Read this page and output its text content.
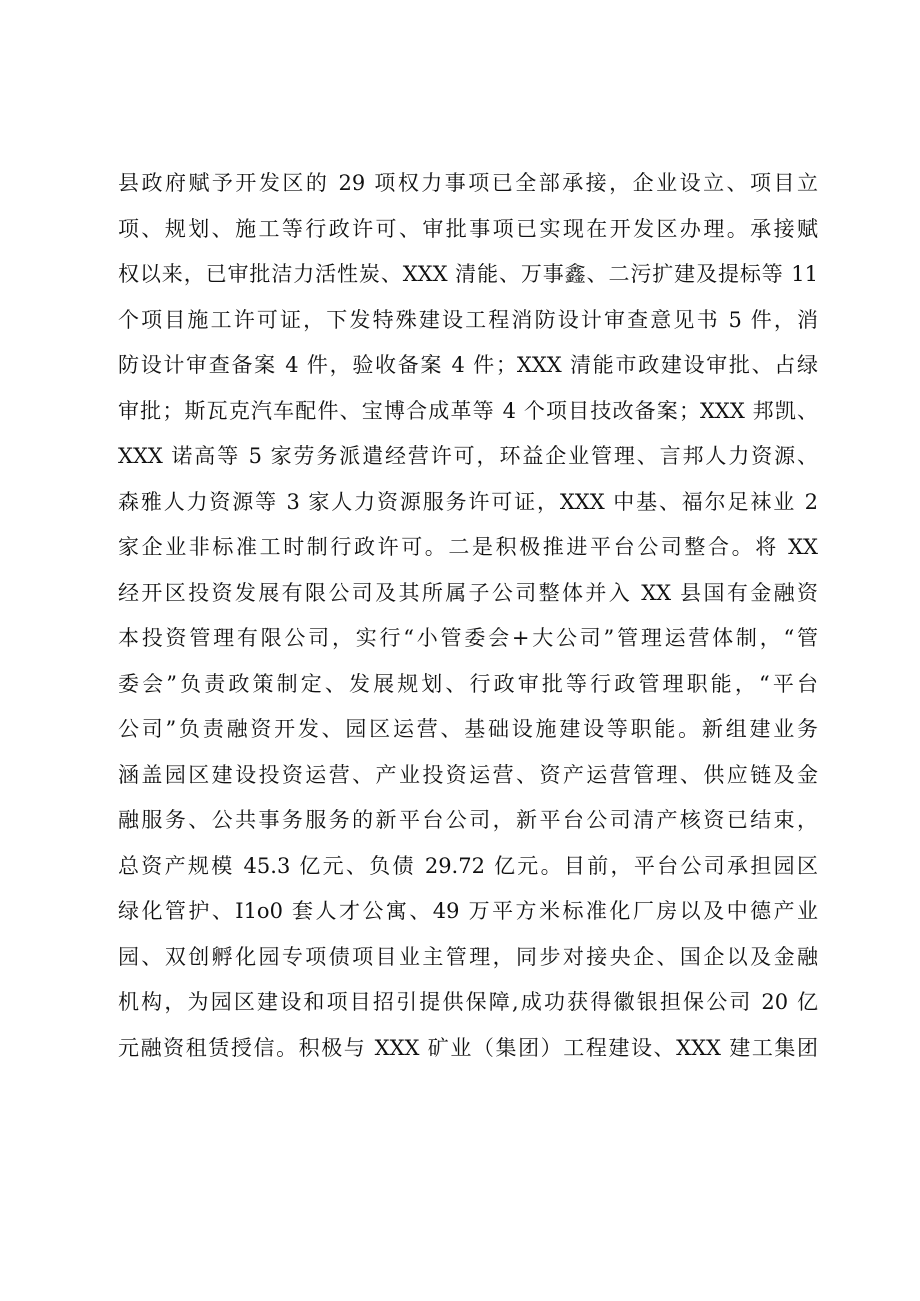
县政府赋予开发区的 29 项权力事项已全部承接，企业设立、项目立
项、规划、施工等行政许可、审批事项已实现在开发区办理。承接赋
权以来，已审批洁力活性炭、XXX 清能、万事鑫、二污扩建及提标等 11
个项目施工许可证，下发特殊建设工程消防设计审查意见书 5 件，消
防设计审查备案 4 件，验收备案 4 件；XXX 清能市政建设审批、占绿
审批；斯瓦克汽车配件、宝博合成革等 4 个项目技改备案；XXX 邦凯、
XXX 诺高等 5 家劳务派遣经营许可，环益企业管理、言邦人力资源、
森雅人力资源等 3 家人力资源服务许可证，XXX 中基、福尔足袜业 2
家企业非标准工时制行政许可。二是积极推进平台公司整合。将 XX
经开区投资发展有限公司及其所属子公司整体并入 XX 县国有金融资
本投资管理有限公司，实行“小管委会+大公司”管理运营体制，“管
委会”负责政策制定、发展规划、行政审批等行政管理职能，“平台
公司”负责融资开发、园区运营、基础设施建设等职能。新组建业务
涵盖园区建设投资运营、产业投资运营、资产运营管理、供应链及金
融服务、公共事务服务的新平台公司，新平台公司清产核资已结束，
总资产规模 45.3 亿元、负债 29.72 亿元。目前，平台公司承担园区
绿化管护、I1o0 套人才公寓、49 万平方米标准化厂房以及中德产业
园、双创孵化园专项债项目业主管理，同步对接央企、国企以及金融
机构，为园区建设和项目招引提供保障,成功获得徽银担保公司 20 亿
元融资租赁授信。积极与 XXX 矿业（集团）工程建设、XXX 建工集团
